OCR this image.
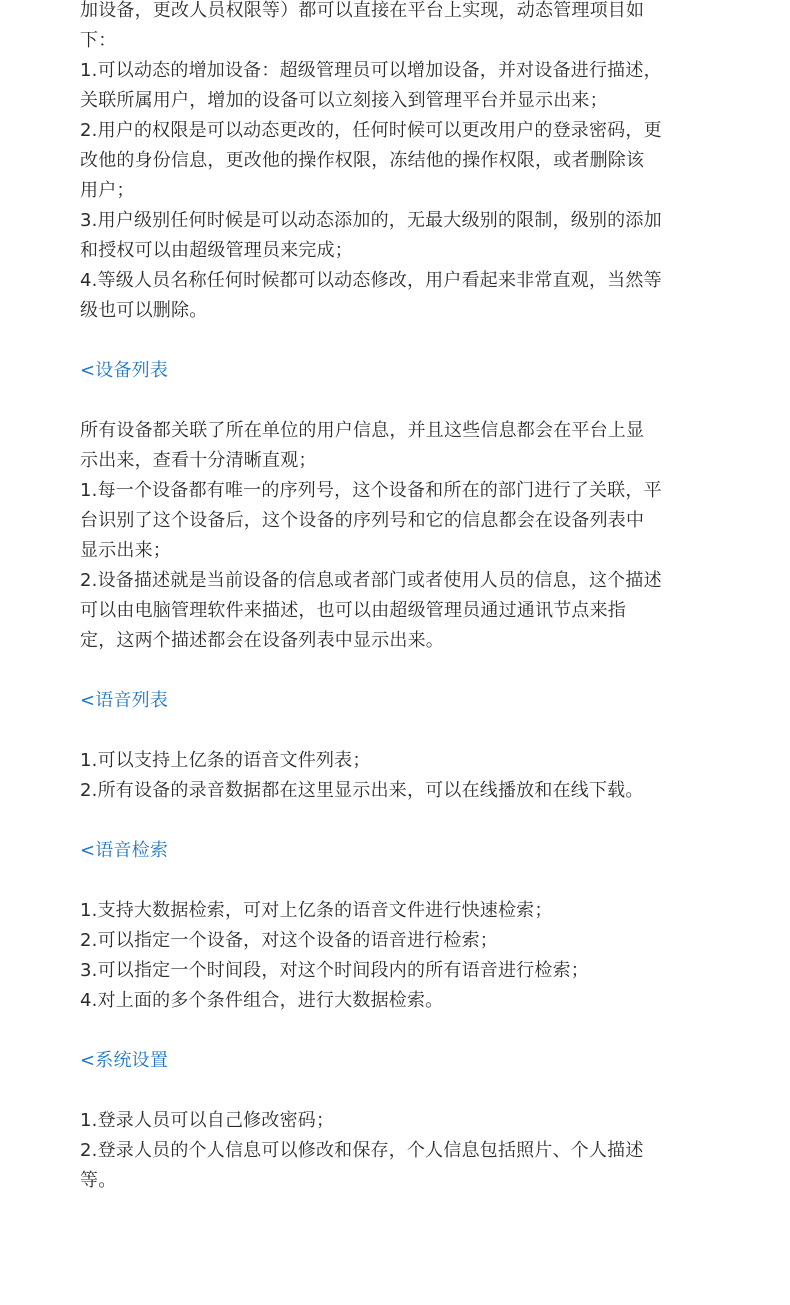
加设备，更改人员权限等）都可以直接在平台上实现，动态管理项目如
下：
1.可以动态的增加设备：超级管理员可以增加设备，并对设备进行描述，
关联所属用户，增加的设备可以立刻接入到管理平台并显示出来；
2.用户的权限是可以动态更改的，任何时候可以更改用户的登录密码，更
改他的身份信息，更改他的操作权限，冻结他的操作权限，或者删除该
用户；
3.用户级别任何时候是可以动态添加的，无最大级别的限制，级别的添加
和授权可以由超级管理员来完成；
4.等级人员名称任何时候都可以动态修改，用户看起来非常直观，当然等
级也可以删除。
<设备列表
所有设备都关联了所在单位的用户信息，并且这些信息都会在平台上显
示出来，查看十分清晰直观；
1.每一个设备都有唯一的序列号，这个设备和所在的部门进行了关联，平
台识别了这个设备后，这个设备的序列号和它的信息都会在设备列表中
显示出来；
2.设备描述就是当前设备的信息或者部门或者使用人员的信息，这个描述
可以由电脑管理软件来描述，也可以由超级管理员通过通讯节点来指
定，这两个描述都会在设备列表中显示出来。
<语音列表
1.可以支持上亿条的语音文件列表；
2.所有设备的录音数据都在这里显示出来，可以在线播放和在线下载。
<语音检索
1.支持大数据检索，可对上亿条的语音文件进行快速检索；
2.可以指定一个设备，对这个设备的语音进行检索；
3.可以指定一个时间段，对这个时间段内的所有语音进行检索；
4.对上面的多个条件组合，进行大数据检索。
<系统设置
1.登录人员可以自己修改密码；
2.登录人员的个人信息可以修改和保存，个人信息包括照片、个人描述
等。
